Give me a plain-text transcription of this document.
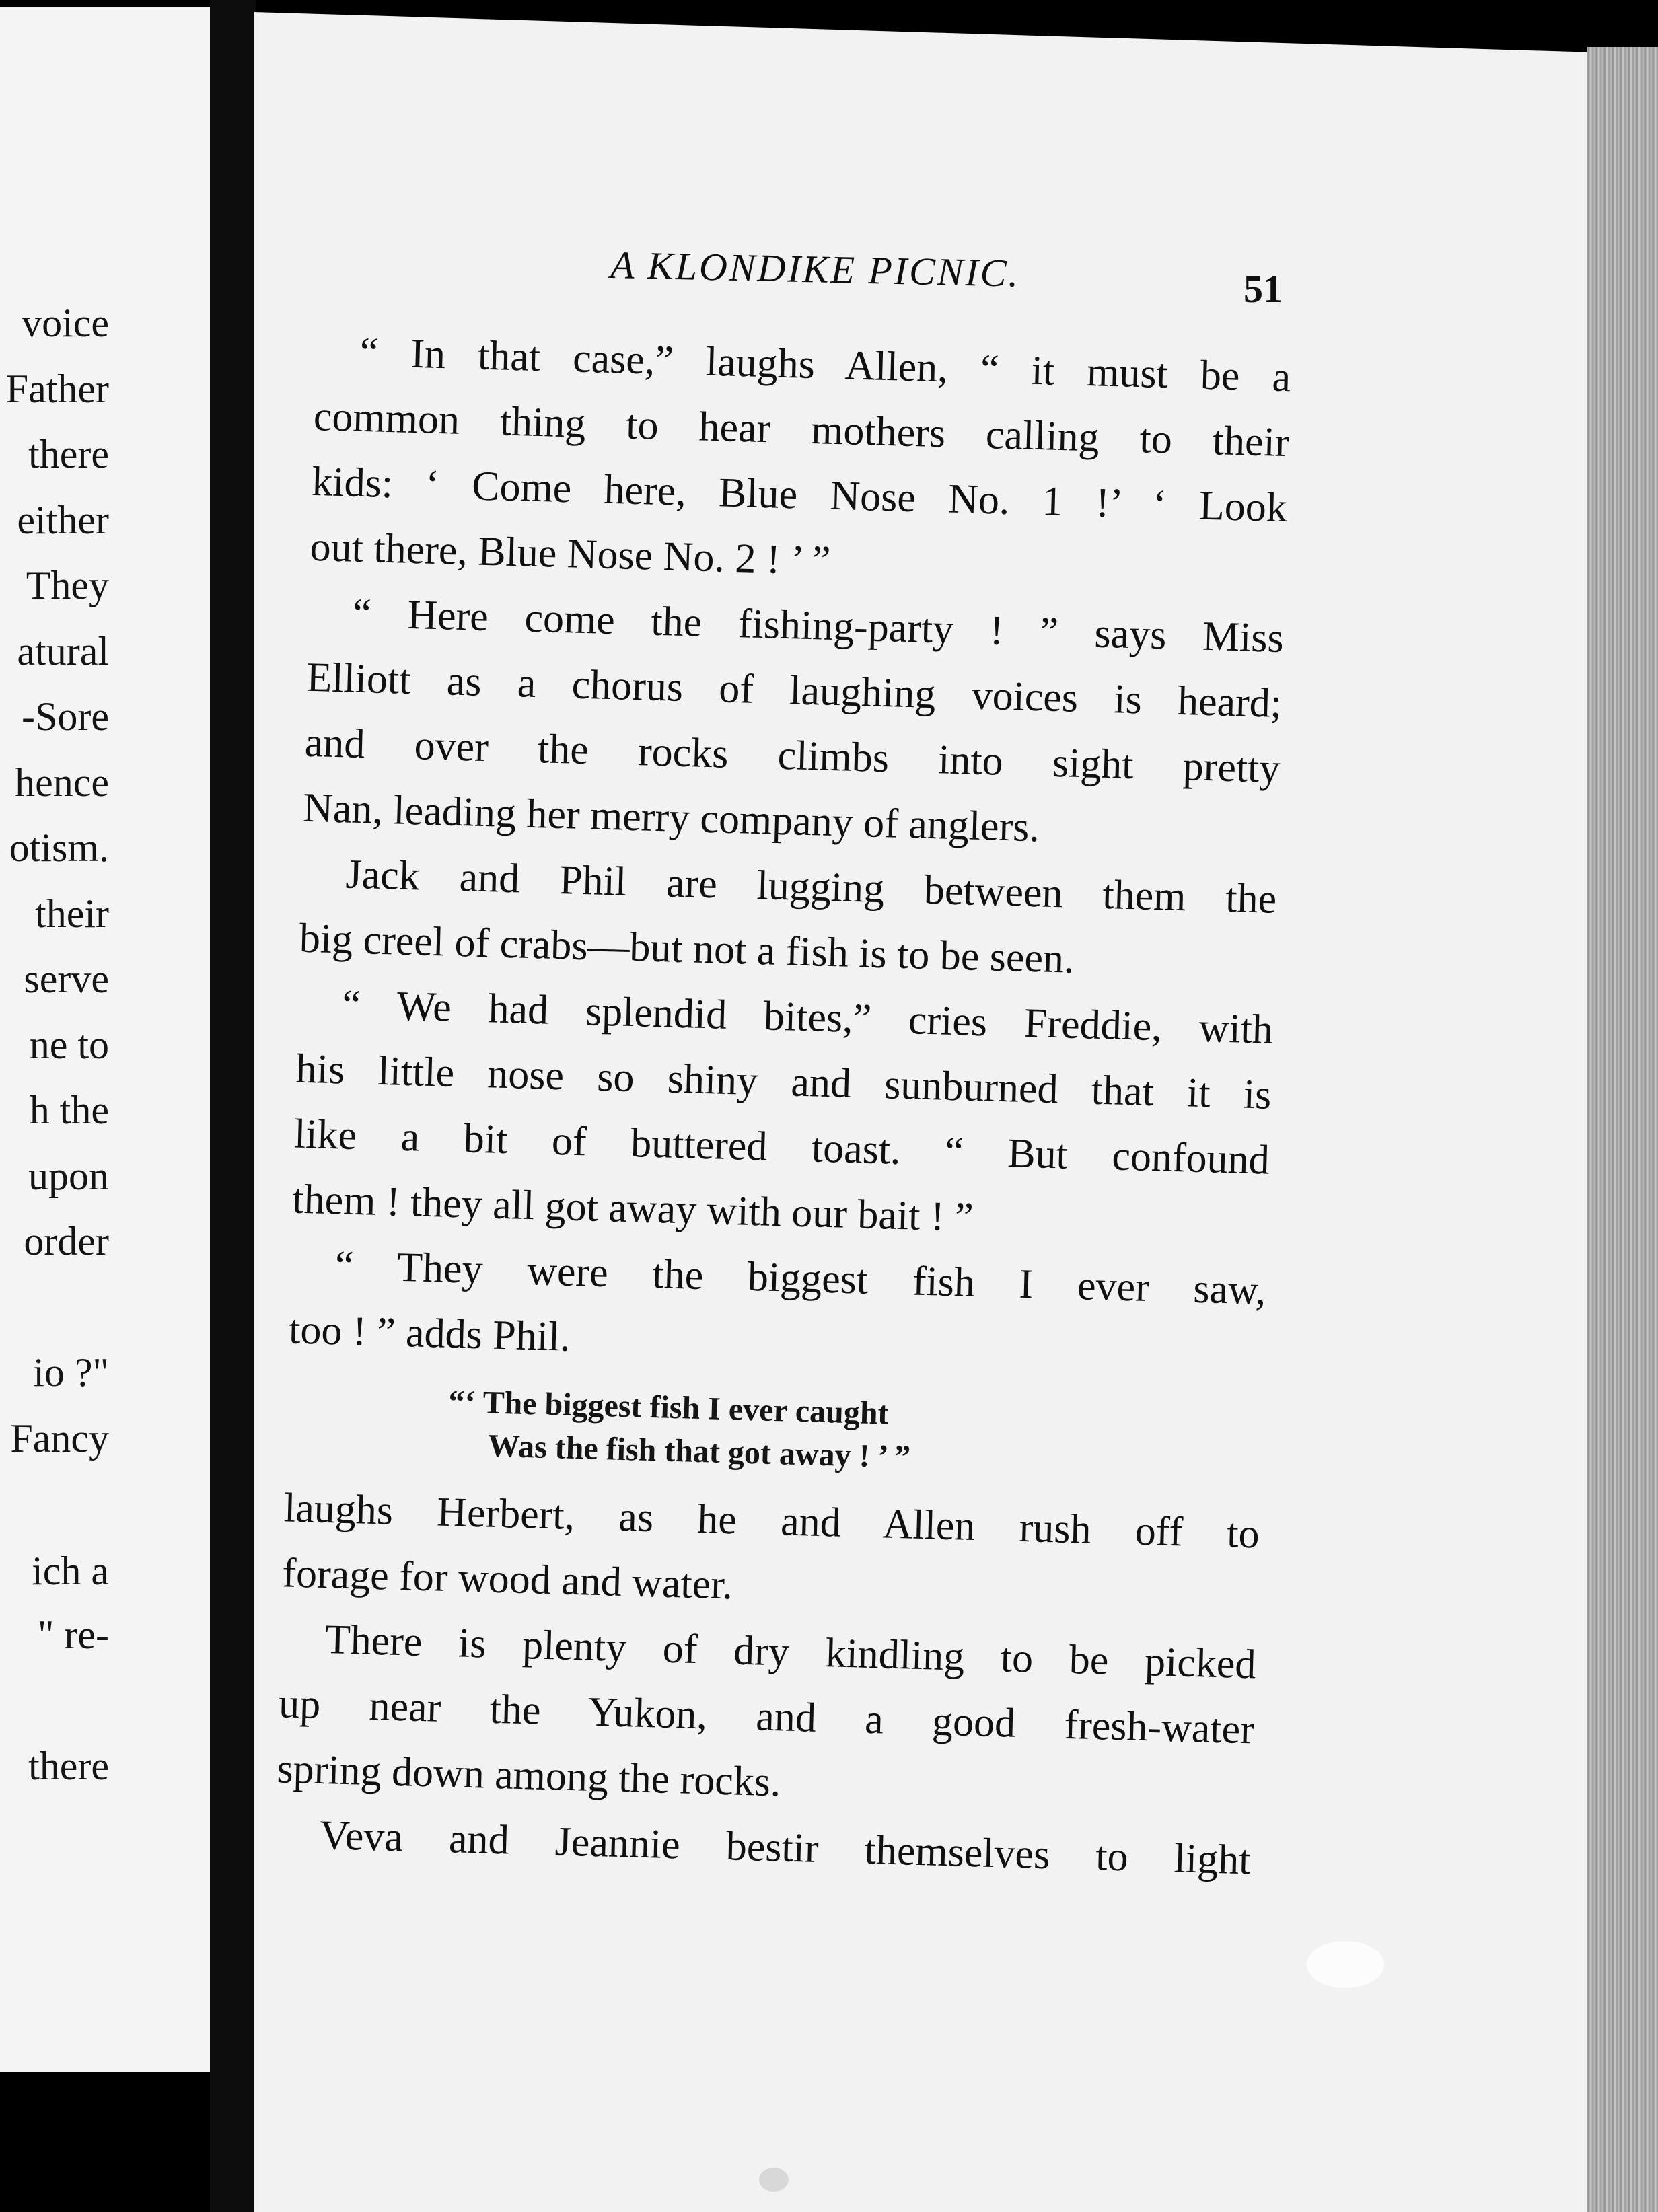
voice
Father
there
either
They
atural
-Sore
hence
otism.
their
serve
ne to
h the
upon
order
io ?"
Fancy
ich a
" re-
there
A KLONDIKE PICNIC.	51
“ In that case,” laughs Allen, “ it must be a
common thing to hear mothers calling to their
kids: ‘ Come here, Blue Nose No. 1 !’ ‘ Look
out there, Blue Nose No. 2 ! ’ ”
“ Here come the fishing-party ! ” says Miss
Elliott as a chorus of laughing voices is heard;
and over the rocks climbs into sight pretty
Nan, leading her merry company of anglers.
Jack and Phil are lugging between them the
big creel of crabs—but not a fish is to be seen.
“ We had splendid bites,” cries Freddie, with
his little nose so shiny and sunburned that it is
like a bit of buttered toast. “ But confound
them ! they all got away with our bait ! ”
“ They were the biggest fish I ever saw,
too ! ” adds Phil.
“‘ The biggest fish I ever caught
Was the fish that got away ! ’ ”
laughs Herbert, as he and Allen rush off to
forage for wood and water.
There is plenty of dry kindling to be picked
up near the Yukon, and a good fresh-water
spring down among the rocks.
Veva and Jeannie bestir themselves to light
